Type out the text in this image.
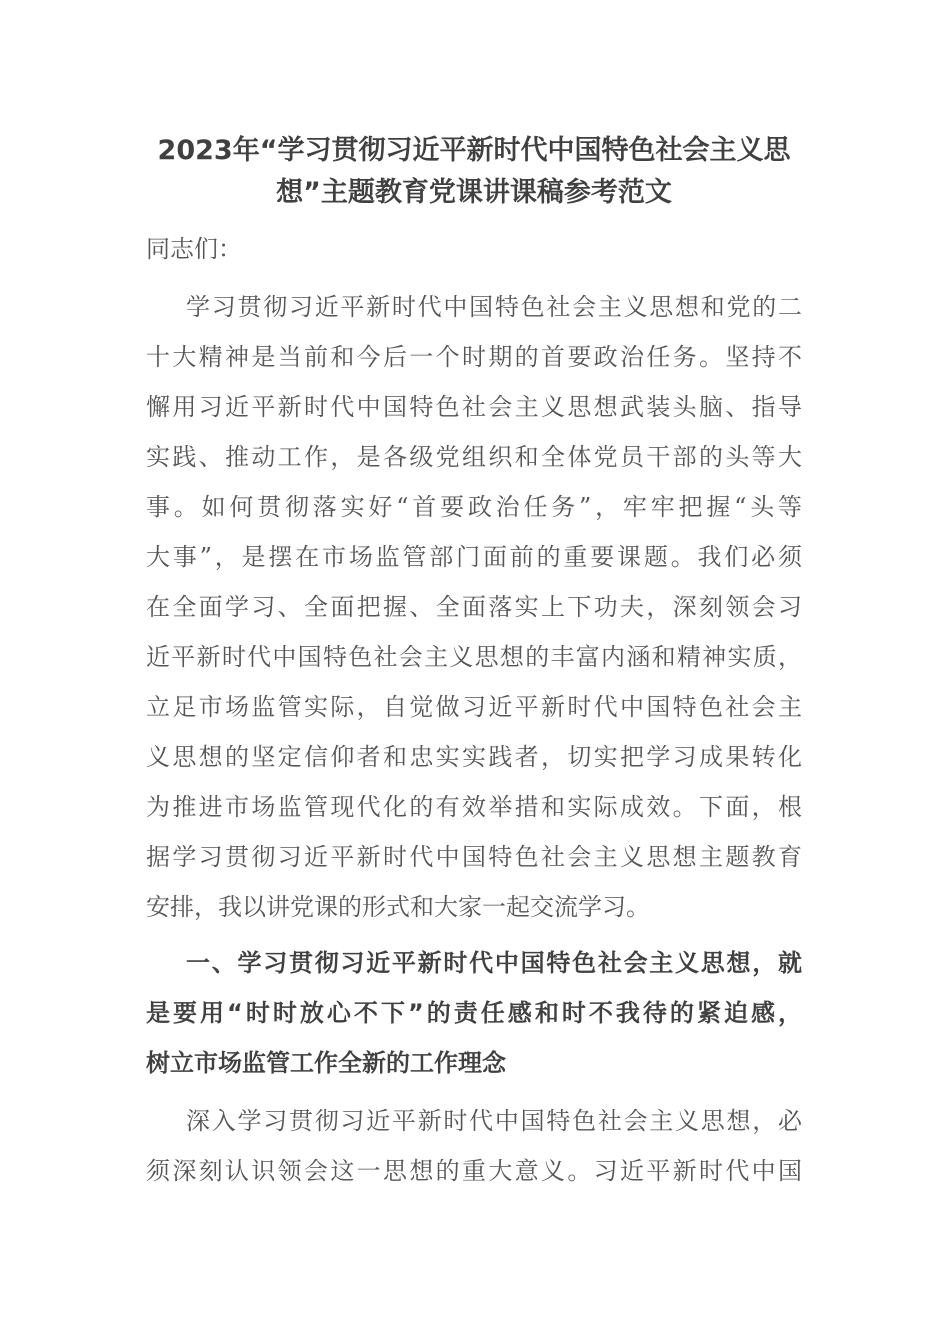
2023年“学习贯彻习近平新时代中国特色社会主义思
想”主题教育党课讲课稿参考范文

同志们：

学习贯彻习近平新时代中国特色社会主义思想和党的二
十大精神是当前和今后一个时期的首要政治任务。坚持不
懈用习近平新时代中国特色社会主义思想武装头脑、指导
实践、推动工作，是各级党组织和全体党员干部的头等大
事。如何贯彻落实好“首要政治任务”，牢牢把握“头等
大事”，是摆在市场监管部门面前的重要课题。我们必须
在全面学习、全面把握、全面落实上下功夫，深刻领会习
近平新时代中国特色社会主义思想的丰富内涵和精神实质，
立足市场监管实际，自觉做习近平新时代中国特色社会主
义思想的坚定信仰者和忠实实践者，切实把学习成果转化
为推进市场监管现代化的有效举措和实际成效。下面，根
据学习贯彻习近平新时代中国特色社会主义思想主题教育
安排，我以讲党课的形式和大家一起交流学习。
一、学习贯彻习近平新时代中国特色社会主义思想，就
是要用“时时放心不下”的责任感和时不我待的紧迫感，
树立市场监管工作全新的工作理念
深入学习贯彻习近平新时代中国特色社会主义思想，必
须深刻认识领会这一思想的重大意义。习近平新时代中国
